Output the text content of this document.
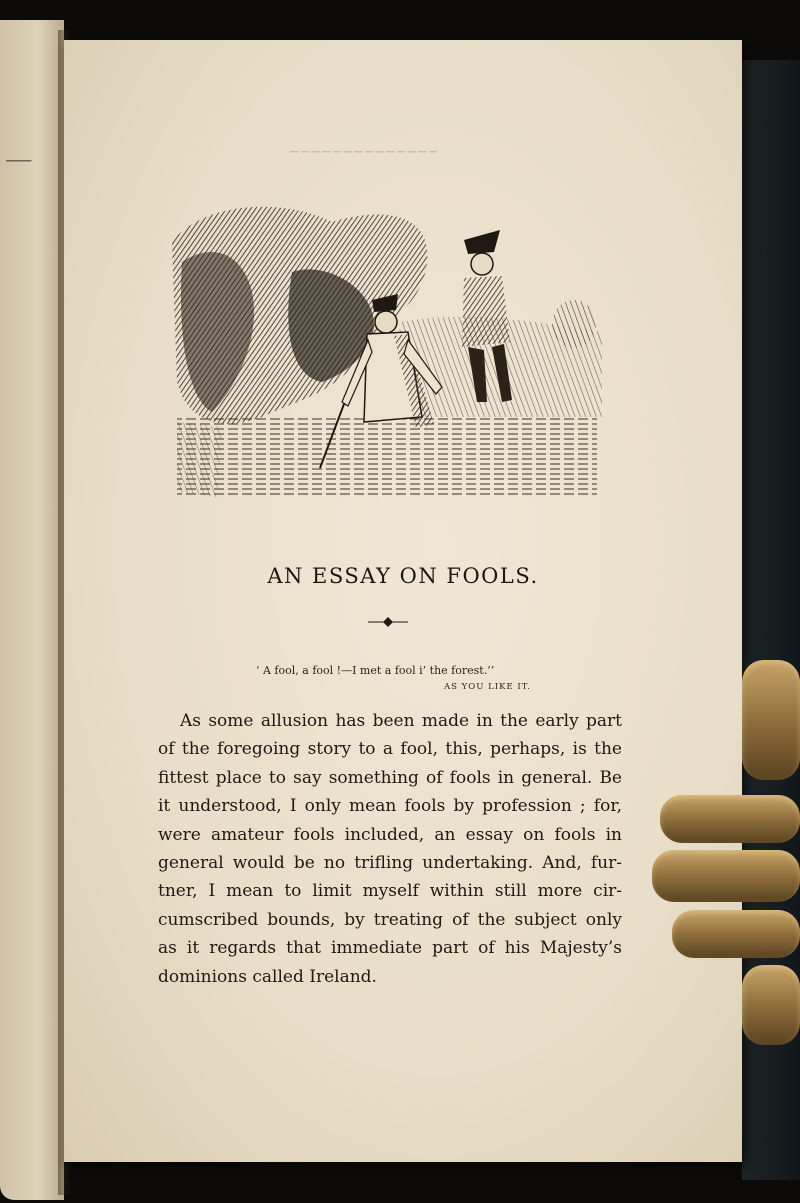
▔▔▔
▁▁▁▁▁▁▁▁▁▁▁▁▁▁
AN ESSAY ON FOOLS.
‘ A fool, a fool !—I met a fool i’ the forest.’’
AS YOU LIKE IT.
As some allusion has been made in the early part
of the foregoing story to a fool, this, perhaps, is the
fittest place to say something of fools in general. Be
it understood, I only mean fools by profession ; for,
were amateur fools included, an essay on fools in
general would be no trifling undertaking. And, fur-
tner, I mean to limit myself within still more cir-
cumscribed bounds, by treating of the subject only
as it regards that immediate part of his Majesty’s
dominions called Ireland.
